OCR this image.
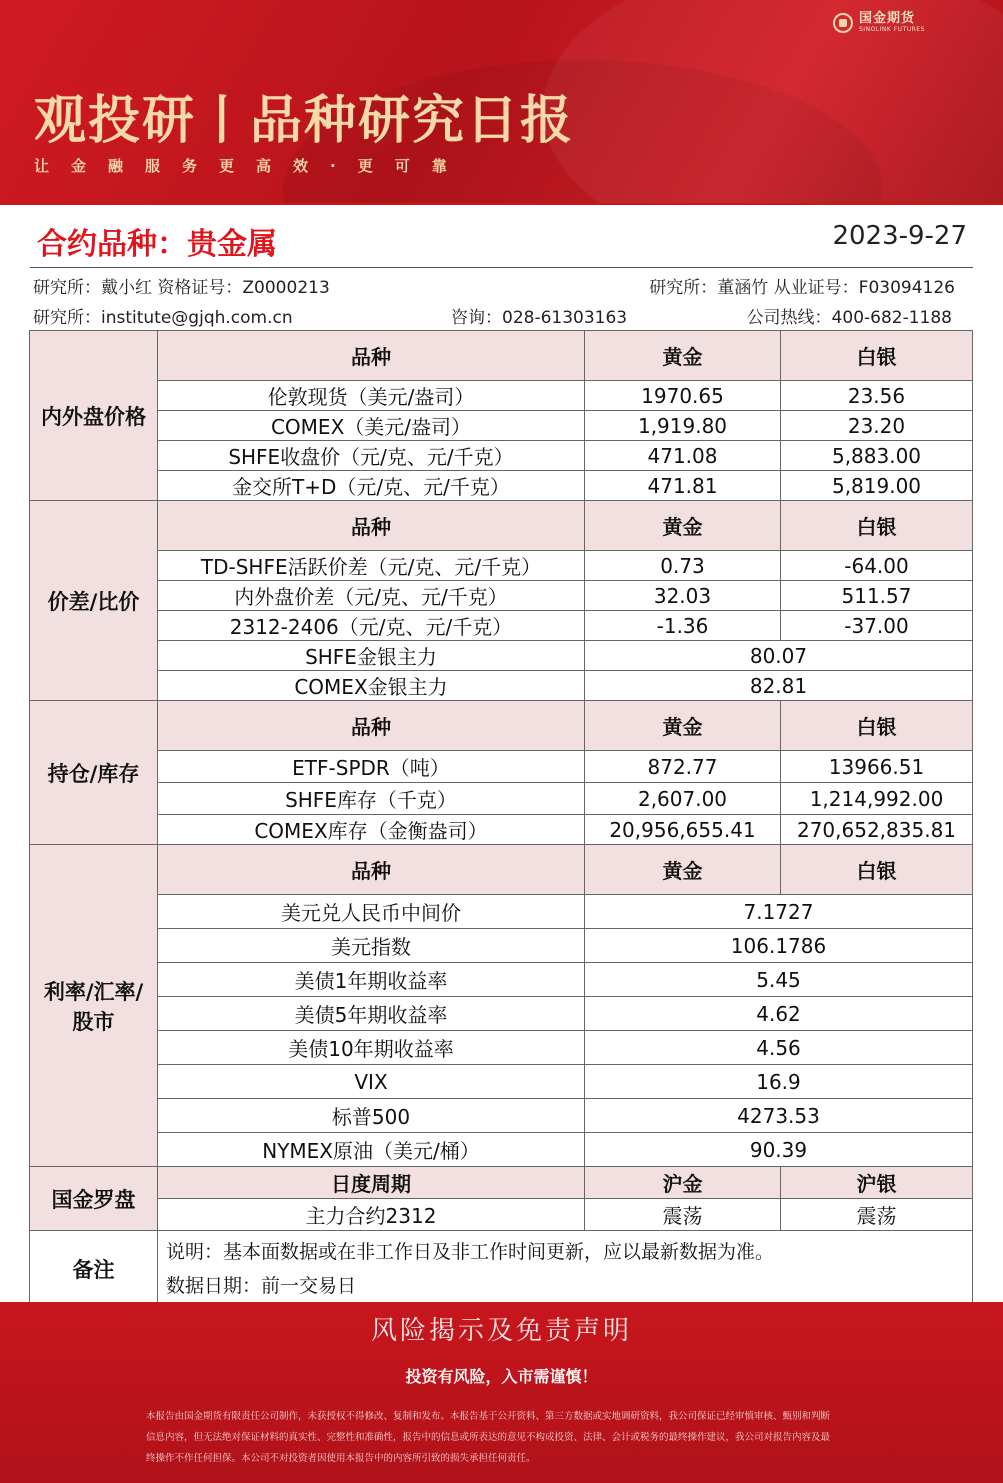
国金期货
SINOLINK FUTURES
观投研丨品种研究日报
让金融服务更高效·更可靠
合约品种：贵金属	2023-9-27
研究所：戴小红 资格证号：Z0000213	研究所：董涵竹 从业证号：F03094126
研究所：institute@gjqh.com.cn	咨询：028-61303163	公司热线：400-682-1188
内外盘价格	品种	黄金	白银
	伦敦现货（美元/盎司）	1970.65	23.56
	COMEX（美元/盎司）	1,919.80	23.20
	SHFE收盘价（元/克、元/千克）	471.08	5,883.00
	金交所T+D（元/克、元/千克）	471.81	5,819.00
价差/比价	品种	黄金	白银
	TD-SHFE活跃价差（元/克、元/千克）	0.73	-64.00
	内外盘价差（元/克、元/千克）	32.03	511.57
	2312-2406（元/克、元/千克）	-1.36	-37.00
	SHFE金银主力	80.07	
	COMEX金银主力	82.81	
持仓/库存	品种	黄金	白银
	ETF-SPDR（吨）	872.77	13966.51
	SHFE库存（千克）	2,607.00	1,214,992.00
	COMEX库存（金衡盎司）	20,956,655.41	270,652,835.81
利率/汇率/
股市	品种	黄金	白银
	美元兑人民币中间价	7.1727	
	美元指数	106.1786	
	美债1年期收益率	5.45	
	美债5年期收益率	4.62	
	美债10年期收益率	4.56	
	VIX	16.9	
	标普500	4273.53	
	NYMEX原油（美元/桶）	90.39	
国金罗盘	日度周期	沪金	沪银
	主力合约2312	震荡	震荡
备注	说明：基本面数据或在非工作日及非工作时间更新，应以最新数据为准。
数据日期：前一交易日		
风险揭示及免责声明
投资有风险，入市需谨慎！
本报告由国金期货有限责任公司制作，未获授权不得修改、复制和发布。本报告基于公开资料、第三方数据或实地调研资料，我公司保证已经审慎审核、甄别和判断
信息内容，但无法绝对保证材料的真实性、完整性和准确性，报告中的信息或所表达的意见不构成投资、法律、会计或税务的最终操作建议，我公司对报告内容及最
终操作不作任何担保。本公司不对投资者因使用本报告中的内容所引致的损失承担任何责任。
